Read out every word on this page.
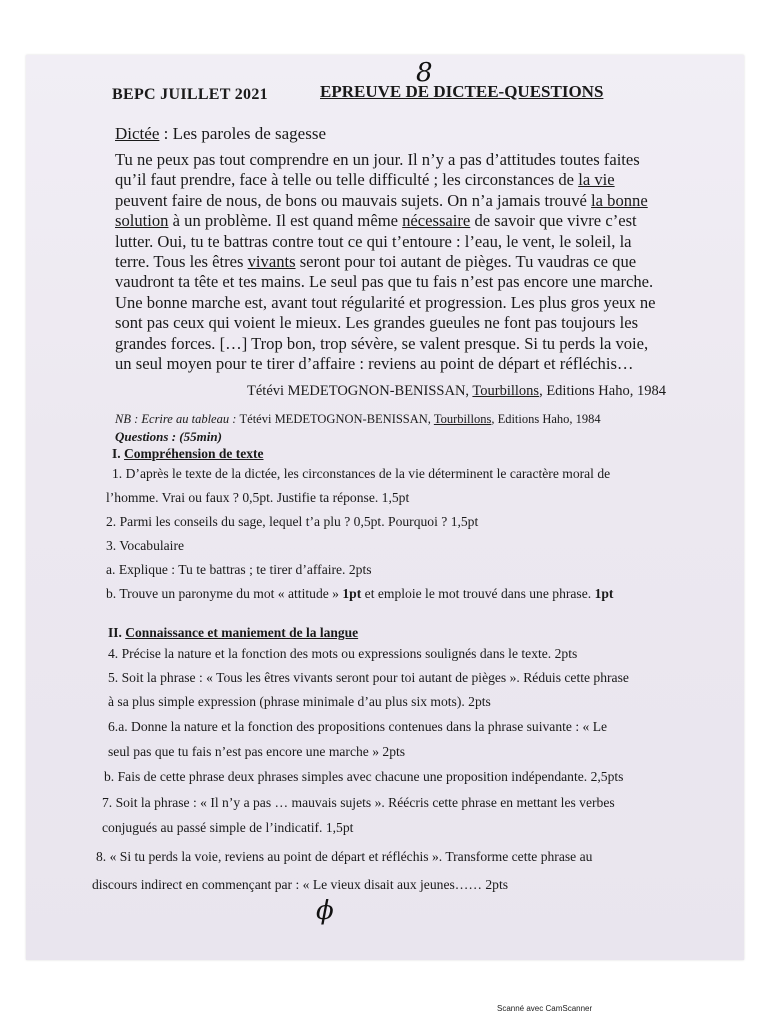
8
BEPC JUILLET 2021	EPREUVE DE DICTEE-QUESTIONS
Dictée : Les paroles de sagesse
Tu ne peux pas tout comprendre en un jour. Il n’y a pas d’attitudes toutes faites
qu’il faut prendre, face à telle ou telle difficulté ; les circonstances de la vie
peuvent faire de nous, de bons ou mauvais sujets. On n’a jamais trouvé la bonne
solution à un problème. Il est quand même nécessaire de savoir que vivre c’est
lutter. Oui, tu te battras contre tout ce qui t’entoure : l’eau, le vent, le soleil, la
terre. Tous les êtres vivants seront pour toi autant de pièges. Tu vaudras ce que
vaudront ta tête et tes mains. Le seul pas que tu fais n’est pas encore une marche.
Une bonne marche est, avant tout régularité et progression. Les plus gros yeux ne
sont pas ceux qui voient le mieux. Les grandes gueules ne font pas toujours les
grandes forces. […] Trop bon, trop sévère, se valent presque. Si tu perds la voie,
un seul moyen pour te tirer d’affaire : reviens au point de départ et réfléchis…
Tétévi MEDETOGNON-BENISSAN, Tourbillons, Editions Haho, 1984
NB : Ecrire au tableau : Tétévi MEDETOGNON-BENISSAN, Tourbillons, Editions Haho, 1984
Questions : (55min)
I. Compréhension de texte
1. D’après le texte de la dictée, les circonstances de la vie déterminent le caractère moral de
l’homme. Vrai ou faux ? 0,5pt. Justifie ta réponse. 1,5pt
2. Parmi les conseils du sage, lequel t’a plu ? 0,5pt. Pourquoi ? 1,5pt
3. Vocabulaire
a. Explique : Tu te battras ; te tirer d’affaire. 2pts
b. Trouve un paronyme du mot « attitude » 1pt et emploie le mot trouvé dans une phrase. 1pt
II. Connaissance et maniement de la langue
4. Précise la nature et la fonction des mots ou expressions soulignés dans le texte. 2pts
5. Soit la phrase : « Tous les êtres vivants seront pour toi autant de pièges ». Réduis cette phrase
à sa plus simple expression (phrase minimale d’au plus six mots). 2pts
6.a. Donne la nature et la fonction des propositions contenues dans la phrase suivante : « Le
seul pas que tu fais n’est pas encore une marche » 2pts
b. Fais de cette phrase deux phrases simples avec chacune une proposition indépendante. 2,5pts
7. Soit la phrase : « Il n’y a pas … mauvais sujets ». Réécris cette phrase en mettant les verbes
conjugués au passé simple de l’indicatif. 1,5pt
8. « Si tu perds la voie, reviens au point de départ et réfléchis ». Transforme cette phrase au
discours indirect en commençant par : « Le vieux disait aux jeunes…… 2pts
ϕ
Scanné avec CamScanner
